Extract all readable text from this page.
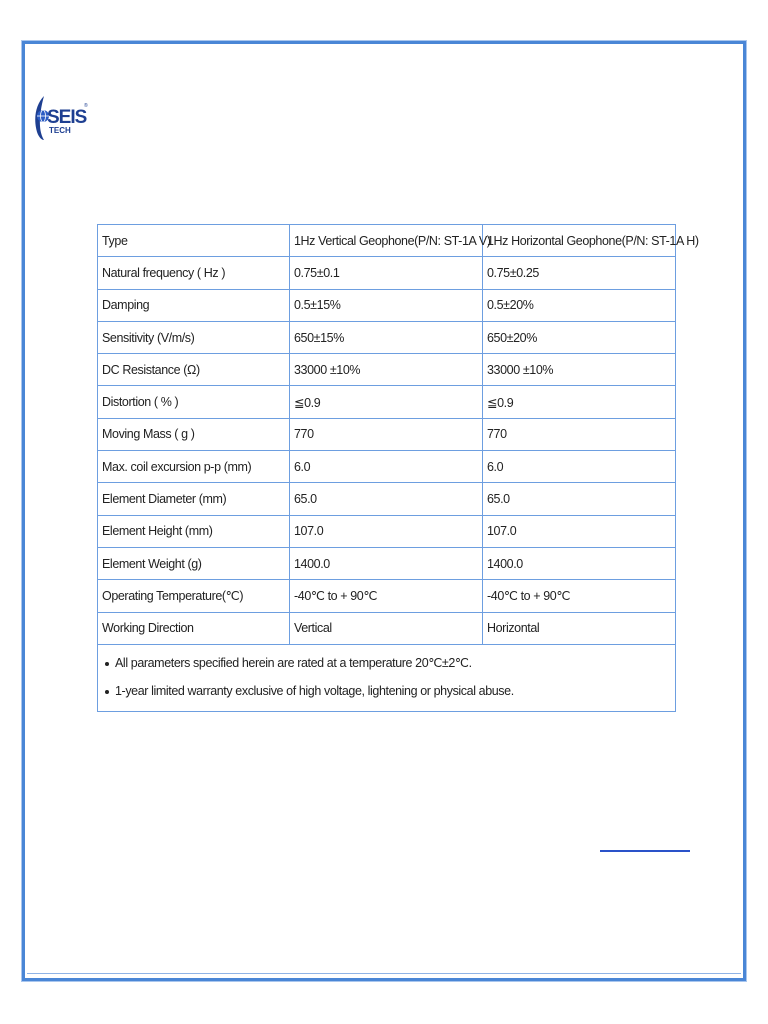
SEIS
®
TECH
Type	1Hz Vertical Geophone(P/N: ST-1A V)	1Hz Horizontal Geophone(P/N: ST-1A H)
Natural frequency ( Hz )	0.75±0.1	0.75±0.25
Damping	0.5±15%	0.5±20%
Sensitivity (V/m/s)	650±15%	650±20%
DC Resistance (Ω)	33000 ±10%	33000 ±10%
Distortion ( % )	≦0.9	≦0.9
Moving Mass ( g )	770	770
Max. coil excursion p-p (mm)	6.0	6.0
Element Diameter (mm)	65.0	65.0
Element Height (mm)	107.0	107.0
Element Weight (g)	1400.0	1400.0
Operating Temperature(℃)	-40℃ to + 90℃	-40℃ to + 90℃
Working Direction	Vertical	Horizontal

All parameters specified herein are rated at a temperature 20℃±2℃.
1-year limited warranty exclusive of high voltage, lightening or physical abuse.		
